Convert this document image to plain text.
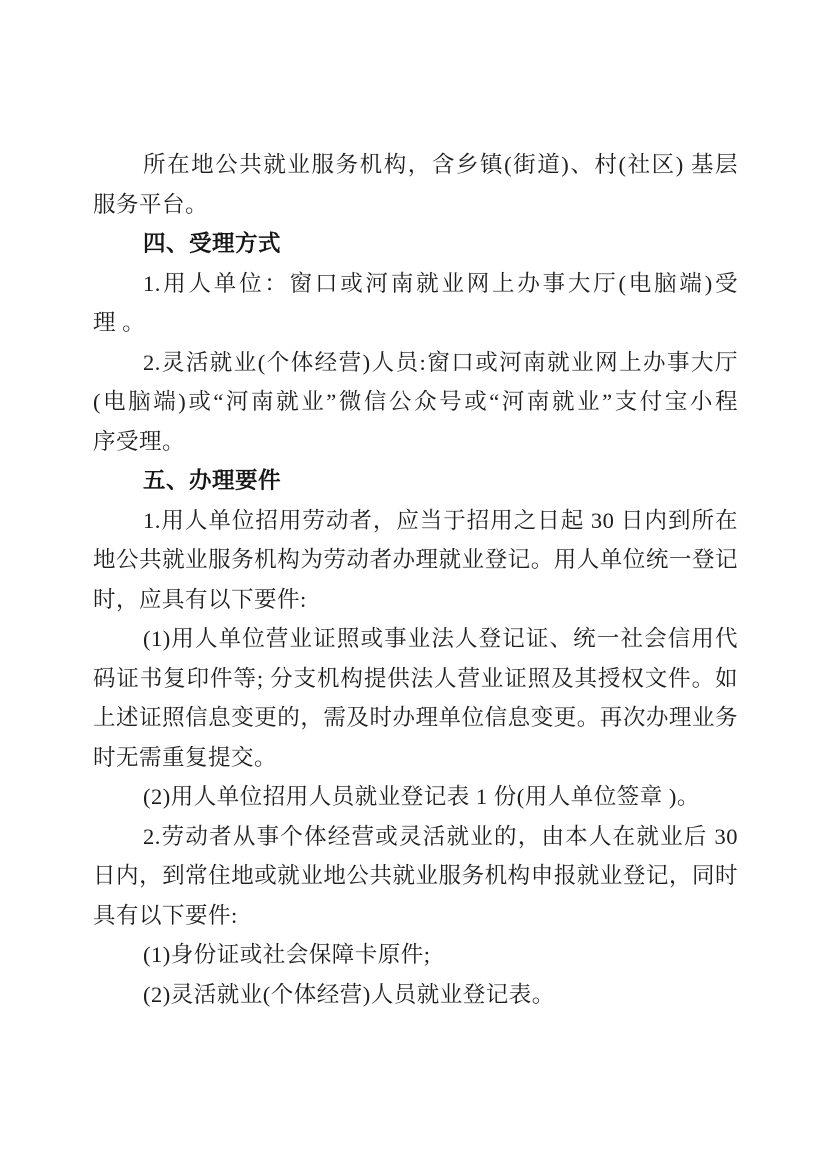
所在地公共就业服务机构，含乡镇(街道)、村(社区) 基层
服务平台。
四、受理方式
1.用人单位：窗口或河南就业网上办事大厅(电脑端)受
理 。
2.灵活就业(个体经营)人员:窗口或河南就业网上办事大厅
(电脑端)或“河南就业”微信公众号或“河南就业”支付宝小程
序受理。
五、办理要件
1.用人单位招用劳动者，应当于招用之日起 30 日内到所在
地公共就业服务机构为劳动者办理就业登记。用人单位统一登记
时，应具有以下要件:
(1)用人单位营业证照或事业法人登记证、统一社会信用代
码证书复印件等; 分支机构提供法人营业证照及其授权文件。如
上述证照信息变更的，需及时办理单位信息变更。再次办理业务
时无需重复提交。
(2)用人单位招用人员就业登记表 1 份(用人单位签章 )。
2.劳动者从事个体经营或灵活就业的，由本人在就业后 30
日内，到常住地或就业地公共就业服务机构申报就业登记，同时
具有以下要件:
(1)身份证或社会保障卡原件;
(2)灵活就业(个体经营)人员就业登记表。
